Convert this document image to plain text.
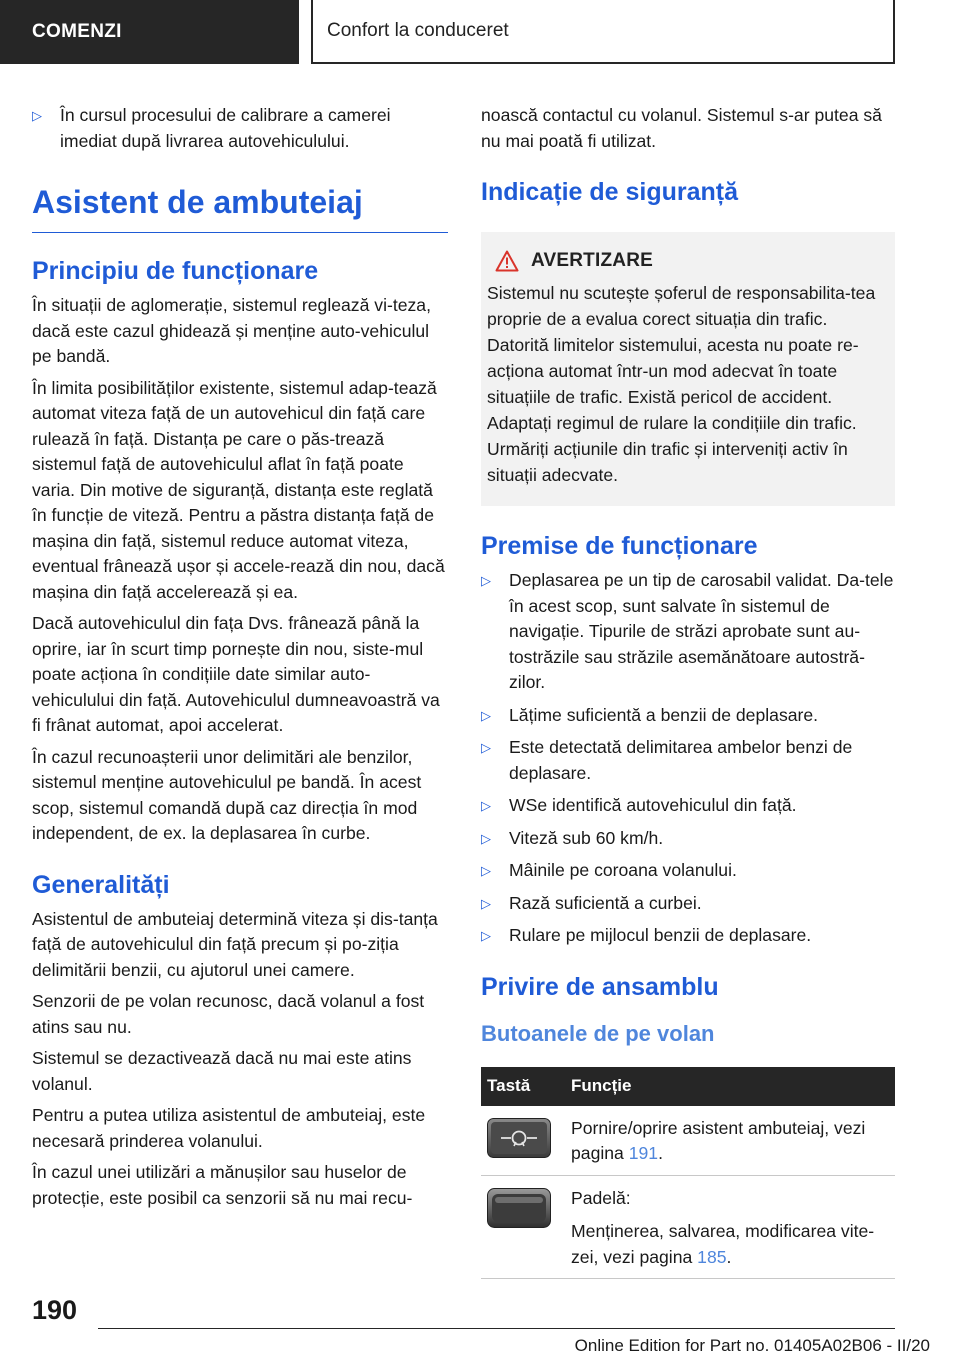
COMENZI	Confort la conduceret
▷	În cursul procesului de calibrare a camerei imediat după livrarea autovehiculului.
Asistent de ambuteiaj
Principiu de funcționare

În situații de aglomerație, sistemul reglează vi-teza, dacă este cazul ghidează și menține auto-vehiculul pe bandă.

În limita posibilităților existente, sistemul adap-tează automat viteza față de un autovehicul din față care rulează în față. Distanța pe care o păs-trează sistemul față de autovehiculul aflat în față poate varia. Din motive de siguranță, distanța este reglată în funcție de viteză. Pentru a păstra distanța față de mașina din față, sistemul reduce automat viteza, eventual frânează ușor și accele-rează din nou, dacă mașina din față accelerează și ea.

Dacă autovehiculul din fața Dvs. frânează până la oprire, iar în scurt timp pornește din nou, siste-mul poate acționa în condițiile date similar auto-vehiculului din față. Autovehiculul dumneavoastră va fi frânat automat, apoi accelerat.

În cazul recunoașterii unor delimitări ale benzilor, sistemul menține autovehiculul pe bandă. În acest scop, sistemul comandă după caz direcția în mod independent, de ex. la deplasarea în curbe.

Generalități

Asistentul de ambuteiaj determină viteza și dis-tanța față de autovehiculul din față precum și po-ziția delimitării benzii, cu ajutorul unei camere.

Senzorii de pe volan recunosc, dacă volanul a fost atins sau nu.

Sistemul se dezactivează dacă nu mai este atins volanul.

Pentru a putea utiliza asistentul de ambuteiaj, este necesară prinderea volanului.

În cazul unei utilizări a mănușilor sau huselor de protecție, este posibil ca senzorii să nu mai recu-

noască contactul cu volanul. Sistemul s-ar putea să nu mai poată fi utilizat.

Indicație de siguranță
AVERTIZARE

Sistemul nu scutește șoferul de responsabilita-tea proprie de a evalua corect situația din trafic. Datorită limitelor sistemului, acesta nu poate re-acționa automat într-un mod adecvat în toate situațiile de trafic. Există pericol de accident. Adaptați regimul de rulare la condițiile din trafic. Urmăriți acțiunile din trafic și interveniți activ în situații adecvate.

Premise de funcționare
▷	Deplasarea pe un tip de carosabil validat. Da-tele în acest scop, sunt salvate în sistemul de navigație. Tipurile de străzi aprobate sunt au-tostrăzile sau străzile asemănătoare autostră-zilor.
▷	Lățime suficientă a benzii de deplasare.
▷	Este detectată delimitarea ambelor benzi de deplasare.
▷	WSe identifică autovehiculul din față.
▷	Viteză sub 60 km/h.
▷	Mâinile pe coroana volanului.
▷	Rază suficientă a curbei.
▷	Rulare pe mijlocul benzii de deplasare.
Privire de ansamblu
Butoanele de pe volan
Tastă	Funcție

	Pornire/oprire asistent ambuteiaj, vezi pagina 191.

Padelă:

Menținerea, salvarea, modificarea vite-zei, vezi pagina 185.
190
Online Edition for Part no. 01405A02B06 - II/20
